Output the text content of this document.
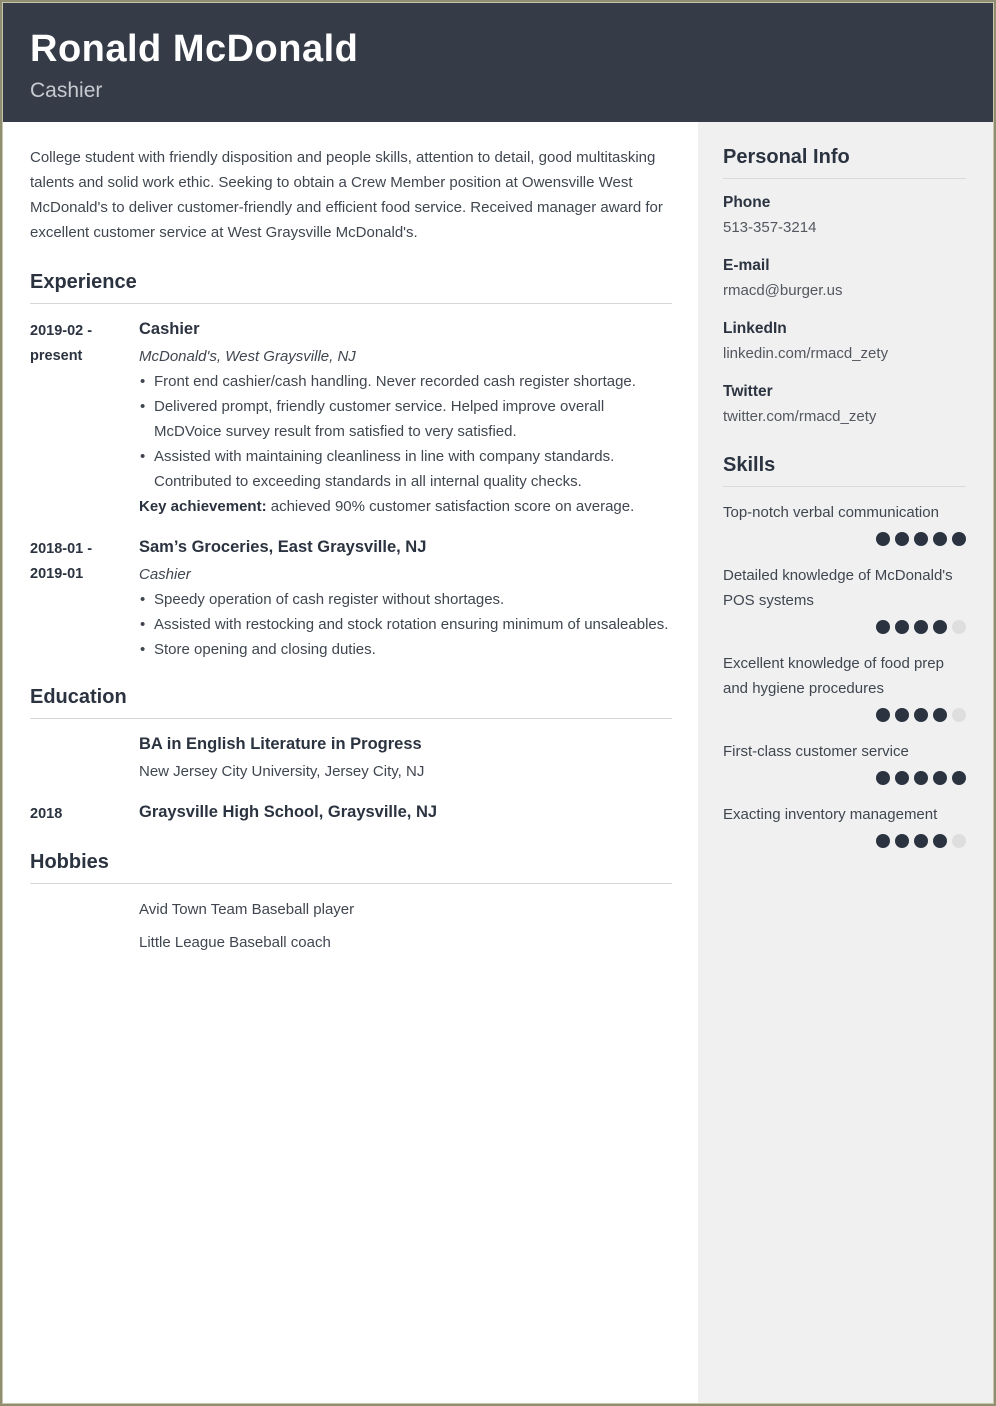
Ronald McDonald
Cashier
College student with friendly disposition and people skills, attention to detail, good multitasking talents and solid work ethic. Seeking to obtain a Crew Member position at Owensville West McDonald's to deliver customer-friendly and efficient food service. Received manager award for excellent customer service at West Graysville McDonald's.
Experience
2019-02 -
present
Cashier
McDonald's, West Graysville, NJ
• Front end cashier/cash handling. Never recorded cash register shortage.
• Delivered prompt, friendly customer service. Helped improve overall McDVoice survey result from satisfied to very satisfied.
• Assisted with maintaining cleanliness in line with company standards. Contributed to exceeding standards in all internal quality checks.
Key achievement: achieved 90% customer satisfaction score on average.
2018-01 -
2019-01
Sam’s Groceries, East Graysville, NJ
Cashier
• Speedy operation of cash register without shortages.
• Assisted with restocking and stock rotation ensuring minimum of unsaleables.
• Store opening and closing duties.
Education
BA in English Literature in Progress
New Jersey City University, Jersey City, NJ
2018	Graysville High School, Graysville, NJ
Hobbies
Avid Town Team Baseball player
Little League Baseball coach
Personal Info
Phone
513-357-3214
E-mail
rmacd@burger.us
LinkedIn
linkedin.com/rmacd_zety
Twitter
twitter.com/rmacd_zety
Skills
Top-notch verbal communication
Detailed knowledge of McDonald's POS systems
Excellent knowledge of food prep and hygiene procedures
First-class customer service
Exacting inventory management
